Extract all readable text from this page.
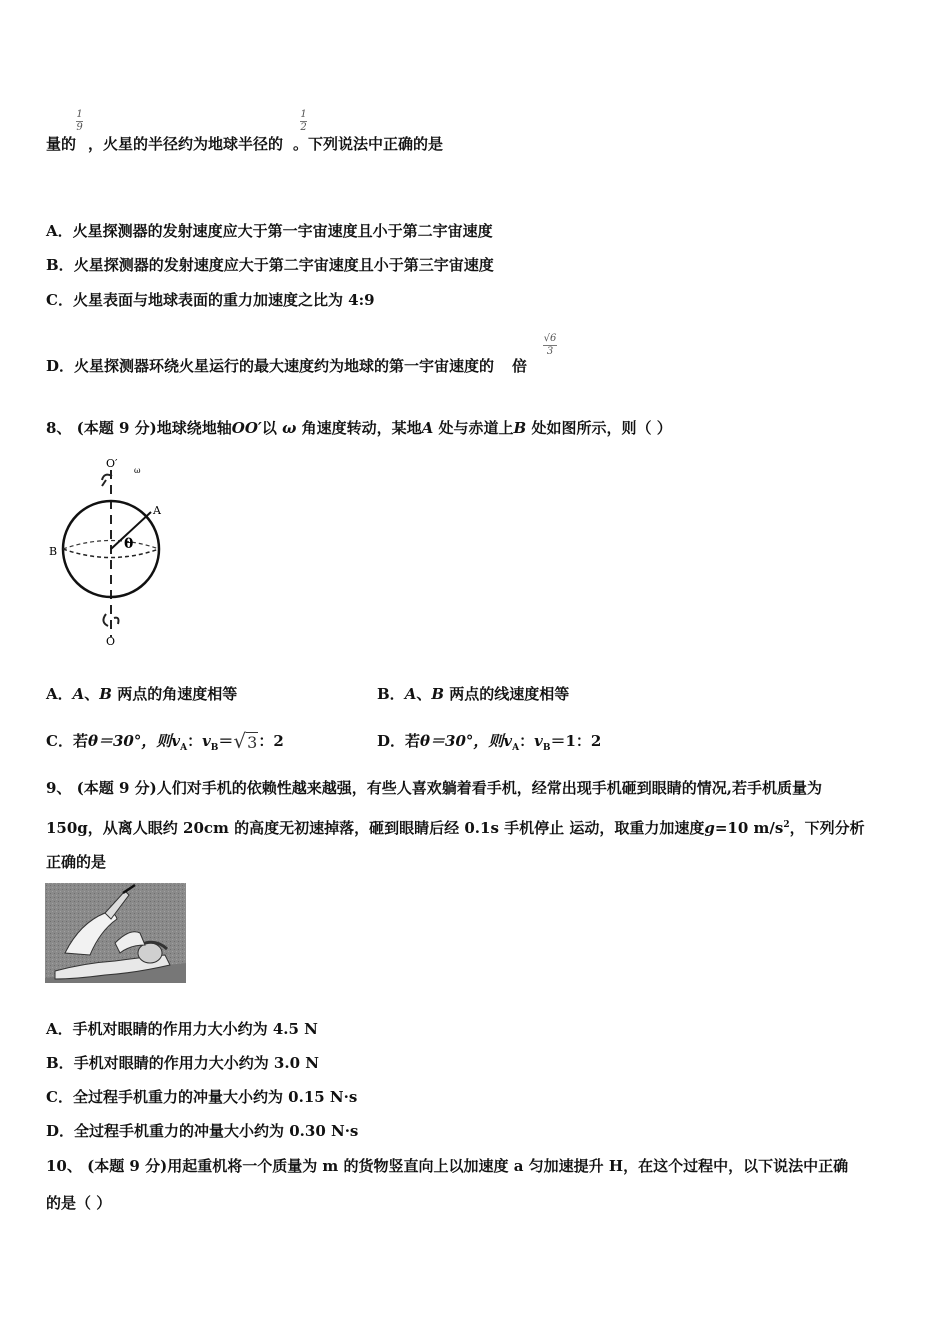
量的 ，火星的半径约为地球半径的 。下列说法中正确的是
1
9
1
2
A．火星探测器的发射速度应大于第一宇宙速度且小于第二宇宙速度
B．火星探测器的发射速度应大于第二宇宙速度且小于第三宇宙速度
C．火星表面与地球表面的重力加速度之比为 4:9
D．火星探测器环绕火星运行的最大速度约为地球的第一宇宙速度的 倍
√6
3
8、 (本题 9 分)地球绕地轴OO′以 ω 角速度转动，某地A 处与赤道上B 处如图所示，则（ ）
O′
ω
A
B	θ
O
A．A、B 两点的角速度相等	B．A、B 两点的线速度相等
C．若θ＝30°，则$v_A$：$v_B=√3$：2	D．若θ＝30°，则$v_A$：$v_B=1$：2
9、 (本题 9 分)人们对手机的依赖性越来越强，有些人喜欢躺着看手机，经常出现手机砸到眼睛的情况,若手机质量为
150g，从离人眼约 20cm 的高度无初速掉落，砸到眼睛后经 0.1s 手机停止 运动，取重力加速度g=10 $m/s^2$，下列分析
正确的是
A．手机对眼睛的作用力大小约为 4.5 N
B．手机对眼睛的作用力大小约为 3.0 N
C．全过程手机重力的冲量大小约为 0.15 N·s
D．全过程手机重力的冲量大小约为 0.30 N·s
10、 (本题 9 分)用起重机将一个质量为 m 的货物竖直向上以加速度 a 匀加速提升 H，在这个过程中，以下说法中正确
的是（ ）
